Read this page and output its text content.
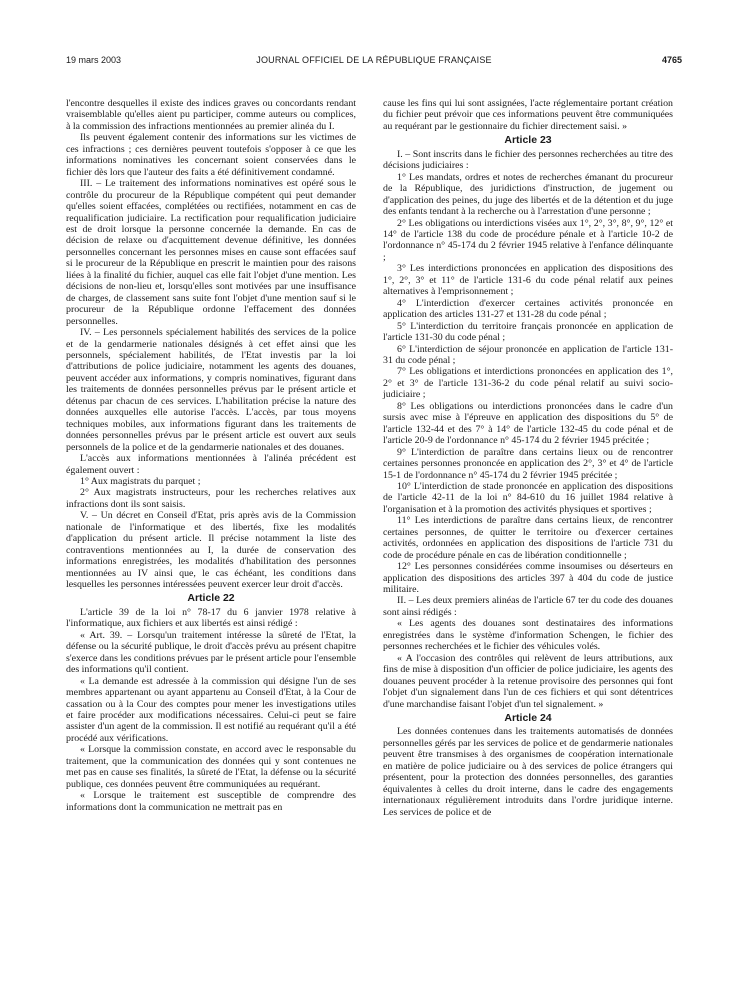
19 mars 2003	JOURNAL OFFICIEL DE LA RÉPUBLIQUE FRANÇAISE	4765

l'encontre desquelles il existe des indices graves ou concordants rendant vraisemblable qu'elles aient pu participer, comme auteurs ou complices, à la commission des infractions mentionnées au premier alinéa du I.

Ils peuvent également contenir des informations sur les victimes de ces infractions ; ces dernières peuvent toutefois s'opposer à ce que les informations nominatives les concernant soient conservées dans le fichier dès lors que l'auteur des faits a été définitivement condamné.

III. – Le traitement des informations nominatives est opéré sous le contrôle du procureur de la République compétent qui peut demander qu'elles soient effacées, complétées ou rectifiées, notamment en cas de requalification judiciaire. La rectification pour requalification judiciaire est de droit lorsque la personne concernée la demande. En cas de décision de relaxe ou d'acquittement devenue définitive, les données personnelles concernant les personnes mises en cause sont effacées sauf si le procureur de la République en prescrit le maintien pour des raisons liées à la finalité du fichier, auquel cas elle fait l'objet d'une mention. Les décisions de non-lieu et, lorsqu'elles sont motivées par une insuffisance de charges, de classement sans suite font l'objet d'une mention sauf si le procureur de la République ordonne l'effacement des données personnelles.

IV. – Les personnels spécialement habilités des services de la police et de la gendarmerie nationales désignés à cet effet ainsi que les personnels, spécialement habilités, de l'Etat investis par la loi d'attributions de police judiciaire, notamment les agents des douanes, peuvent accéder aux informations, y compris nominatives, figurant dans les traitements de données personnelles prévus par le présent article et détenus par chacun de ces services. L'habilitation précise la nature des données auxquelles elle autorise l'accès. L'accès, par tous moyens techniques mobiles, aux informations figurant dans les traitements de données personnelles prévus par le présent article est ouvert aux seuls personnels de la police et de la gendarmerie nationales et des douanes.

L'accès aux informations mentionnées à l'alinéa précédent est également ouvert :

1° Aux magistrats du parquet ;

2° Aux magistrats instructeurs, pour les recherches relatives aux infractions dont ils sont saisis.

V. – Un décret en Conseil d'Etat, pris après avis de la Commission nationale de l'informatique et des libertés, fixe les modalités d'application du présent article. Il précise notamment la liste des contraventions mentionnées au I, la durée de conservation des informations enregistrées, les modalités d'habilitation des personnes mentionnées au IV ainsi que, le cas échéant, les conditions dans lesquelles les personnes intéressées peuvent exercer leur droit d'accès.

Article 22

L'article 39 de la loi n° 78-17 du 6 janvier 1978 relative à l'informatique, aux fichiers et aux libertés est ainsi rédigé :

« Art. 39. – Lorsqu'un traitement intéresse la sûreté de l'Etat, la défense ou la sécurité publique, le droit d'accès prévu au présent chapitre s'exerce dans les conditions prévues par le présent article pour l'ensemble des informations qu'il contient.

« La demande est adressée à la commission qui désigne l'un de ses membres appartenant ou ayant appartenu au Conseil d'Etat, à la Cour de cassation ou à la Cour des comptes pour mener les investigations utiles et faire procéder aux modifications nécessaires. Celui-ci peut se faire assister d'un agent de la commission. Il est notifié au requérant qu'il a été procédé aux vérifications.

« Lorsque la commission constate, en accord avec le responsable du traitement, que la communication des données qui y sont contenues ne met pas en cause ses finalités, la sûreté de l'Etat, la défense ou la sécurité publique, ces données peuvent être communiquées au requérant.

« Lorsque le traitement est susceptible de comprendre des informations dont la communication ne mettrait pas en

cause les fins qui lui sont assignées, l'acte réglementaire portant création du fichier peut prévoir que ces informations peuvent être communiquées au requérant par le gestionnaire du fichier directement saisi. »

Article 23

I. – Sont inscrits dans le fichier des personnes recherchées au titre des décisions judiciaires :

1° Les mandats, ordres et notes de recherches émanant du procureur de la République, des juridictions d'instruction, de jugement ou d'application des peines, du juge des libertés et de la détention et du juge des enfants tendant à la recherche ou à l'arrestation d'une personne ;

2° Les obligations ou interdictions visées aux 1°, 2°, 3°, 8°, 9°, 12° et 14° de l'article 138 du code de procédure pénale et à l'article 10-2 de l'ordonnance n° 45-174 du 2 février 1945 relative à l'enfance délinquante ;

3° Les interdictions prononcées en application des dispositions des 1°, 2°, 3° et 11° de l'article 131-6 du code pénal relatif aux peines alternatives à l'emprisonnement ;

4° L'interdiction d'exercer certaines activités prononcée en application des articles 131-27 et 131-28 du code pénal ;

5° L'interdiction du territoire français prononcée en application de l'article 131-30 du code pénal ;

6° L'interdiction de séjour prononcée en application de l'article 131-31 du code pénal ;

7° Les obligations et interdictions prononcées en application des 1°, 2° et 3° de l'article 131-36-2 du code pénal relatif au suivi socio-judiciaire ;

8° Les obligations ou interdictions prononcées dans le cadre d'un sursis avec mise à l'épreuve en application des dispositions du 5° de l'article 132-44 et des 7° à 14° de l'article 132-45 du code pénal et de l'article 20-9 de l'ordonnance n° 45-174 du 2 février 1945 précitée ;

9° L'interdiction de paraître dans certains lieux ou de rencontrer certaines personnes prononcée en application des 2°, 3° et 4° de l'article 15-1 de l'ordonnance n° 45-174 du 2 février 1945 précitée ;

10° L'interdiction de stade prononcée en application des dispositions de l'article 42-11 de la loi n° 84-610 du 16 juillet 1984 relative à l'organisation et à la promotion des activités physiques et sportives ;

11° Les interdictions de paraître dans certains lieux, de rencontrer certaines personnes, de quitter le territoire ou d'exercer certaines activités, ordonnées en application des dispositions de l'article 731 du code de procédure pénale en cas de libération conditionnelle ;

12° Les personnes considérées comme insoumises ou déserteurs en application des dispositions des articles 397 à 404 du code de justice militaire.

II. – Les deux premiers alinéas de l'article 67 ter du code des douanes sont ainsi rédigés :

« Les agents des douanes sont destinataires des informations enregistrées dans le système d'information Schengen, le fichier des personnes recherchées et le fichier des véhicules volés.

« A l'occasion des contrôles qui relèvent de leurs attributions, aux fins de mise à disposition d'un officier de police judiciaire, les agents des douanes peuvent procéder à la retenue provisoire des personnes qui font l'objet d'un signalement dans l'un de ces fichiers et qui sont détentrices d'une marchandise faisant l'objet d'un tel signalement. »

Article 24

Les données contenues dans les traitements automatisés de données personnelles gérés par les services de police et de gendarmerie nationales peuvent être transmises à des organismes de coopération internationale en matière de police judiciaire ou à des services de police étrangers qui présentent, pour la protection des données personnelles, des garanties équivalentes à celles du droit interne, dans le cadre des engagements internationaux régulièrement introduits dans l'ordre juridique interne. Les services de police et de
